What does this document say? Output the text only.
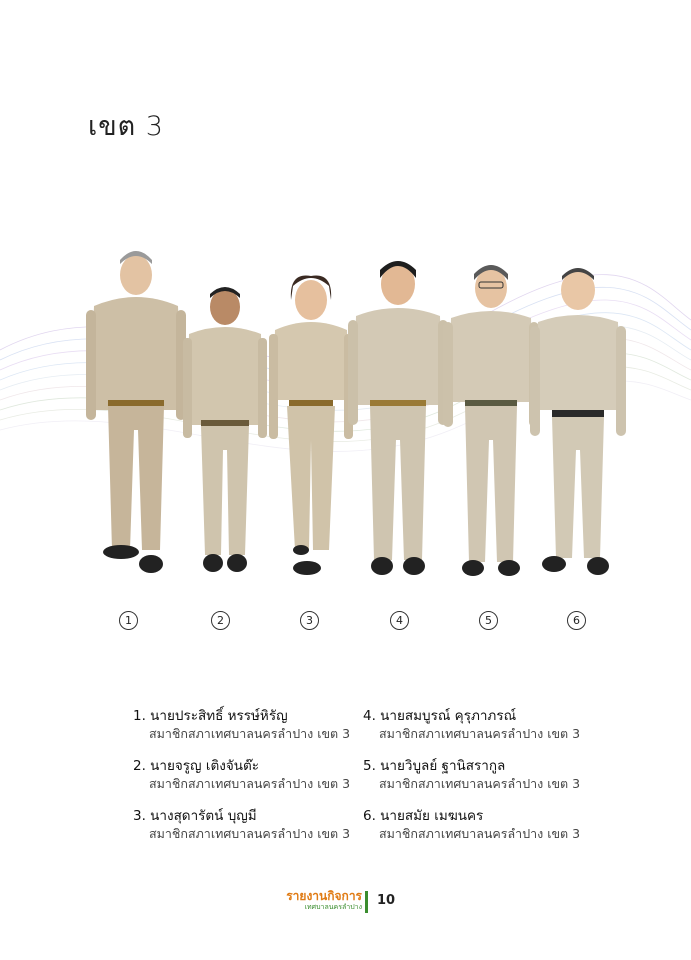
เขต 3
1	2	3	4	5	6
1. นายประสิทธิ์ หรรษ์หิรัญ
สมาชิกสภาเทศบาลนครลำปาง เขต 3
2. นายจรูญ เติงจันต๊ะ
สมาชิกสภาเทศบาลนครลำปาง เขต 3
3. นางสุดารัตน์ บุญมี
สมาชิกสภาเทศบาลนครลำปาง เขต 3
4. นายสมบูรณ์ คุรุภาภรณ์
สมาชิกสภาเทศบาลนครลำปาง เขต 3
5. นายวิบูลย์ ฐานิสรากูล
สมาชิกสภาเทศบาลนครลำปาง เขต 3
6. นายสมัย เมฆนคร
สมาชิกสภาเทศบาลนครลำปาง เขต 3
รายงานกิจการ
เทศบาลนครลำปาง 10
